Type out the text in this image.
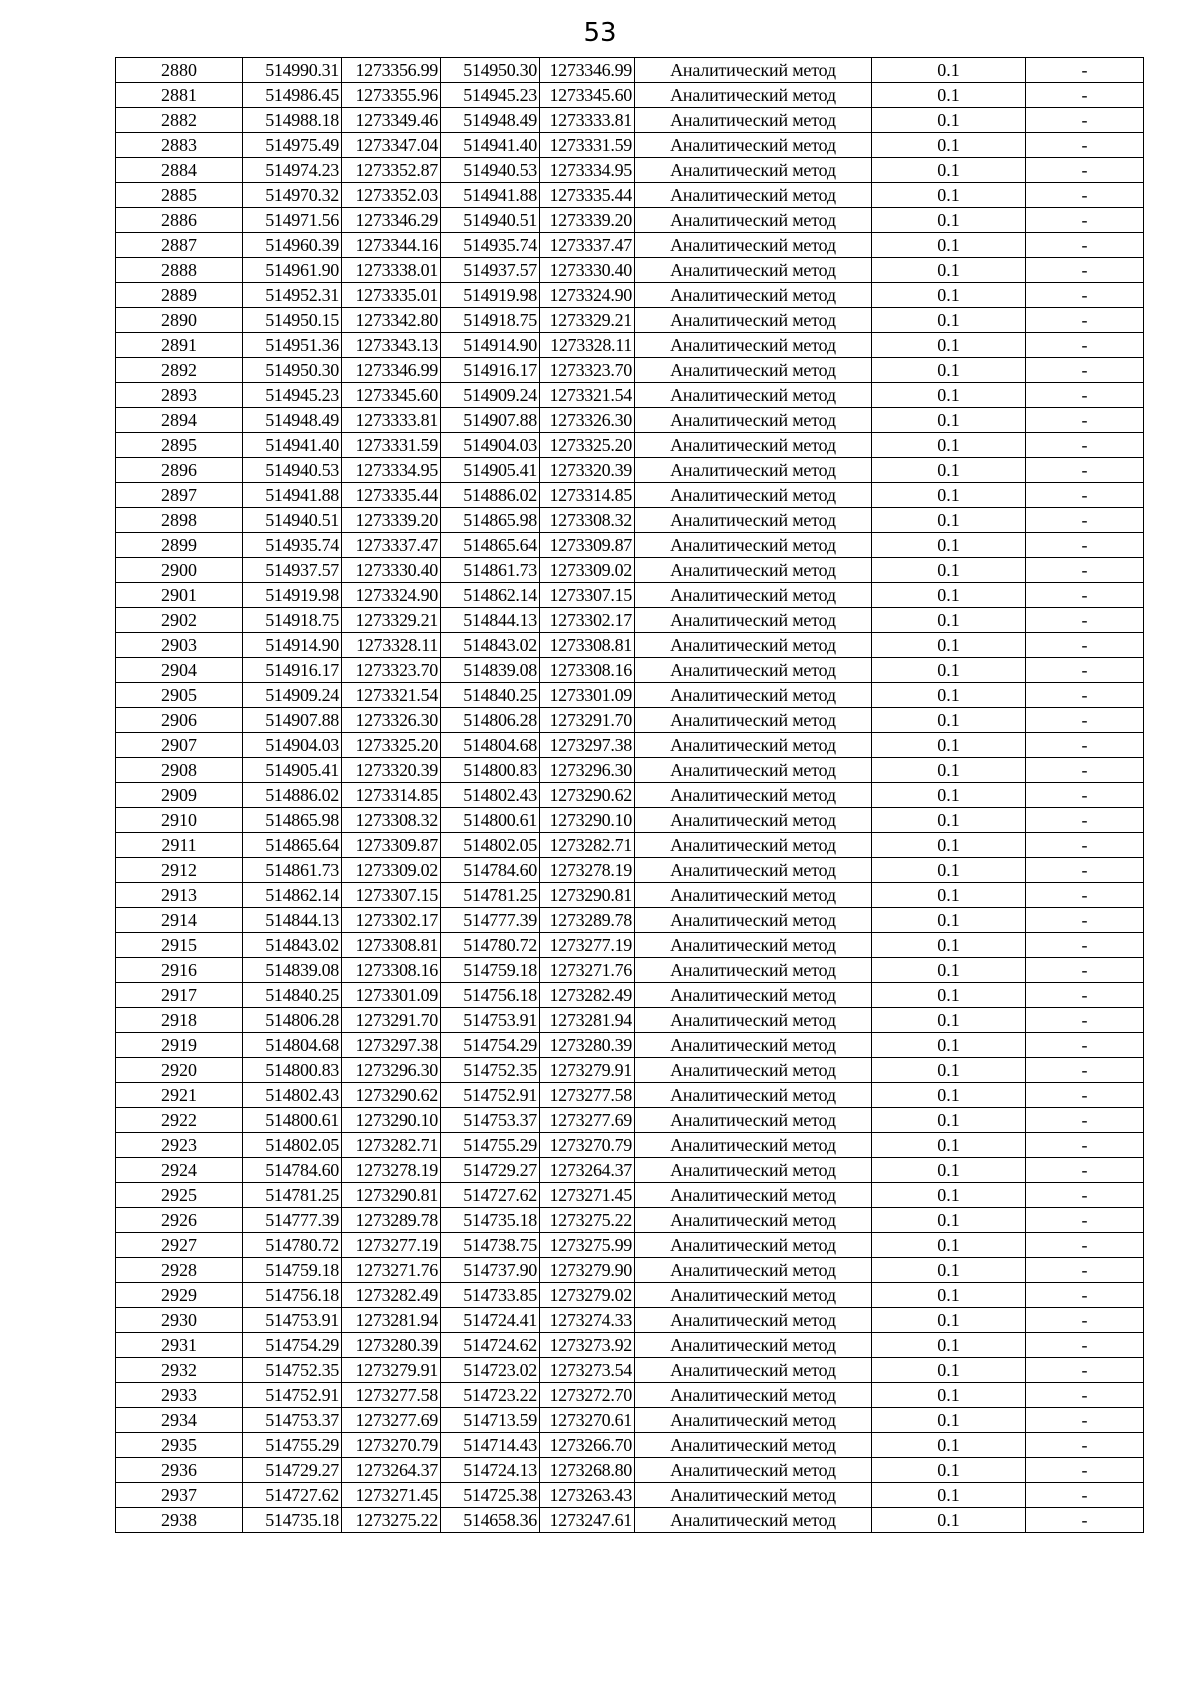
53
2880	514990.31	1273356.99	514950.30	1273346.99	Аналитический метод	0.1	-
2881	514986.45	1273355.96	514945.23	1273345.60	Аналитический метод	0.1	-
2882	514988.18	1273349.46	514948.49	1273333.81	Аналитический метод	0.1	-
2883	514975.49	1273347.04	514941.40	1273331.59	Аналитический метод	0.1	-
2884	514974.23	1273352.87	514940.53	1273334.95	Аналитический метод	0.1	-
2885	514970.32	1273352.03	514941.88	1273335.44	Аналитический метод	0.1	-
2886	514971.56	1273346.29	514940.51	1273339.20	Аналитический метод	0.1	-
2887	514960.39	1273344.16	514935.74	1273337.47	Аналитический метод	0.1	-
2888	514961.90	1273338.01	514937.57	1273330.40	Аналитический метод	0.1	-
2889	514952.31	1273335.01	514919.98	1273324.90	Аналитический метод	0.1	-
2890	514950.15	1273342.80	514918.75	1273329.21	Аналитический метод	0.1	-
2891	514951.36	1273343.13	514914.90	1273328.11	Аналитический метод	0.1	-
2892	514950.30	1273346.99	514916.17	1273323.70	Аналитический метод	0.1	-
2893	514945.23	1273345.60	514909.24	1273321.54	Аналитический метод	0.1	-
2894	514948.49	1273333.81	514907.88	1273326.30	Аналитический метод	0.1	-
2895	514941.40	1273331.59	514904.03	1273325.20	Аналитический метод	0.1	-
2896	514940.53	1273334.95	514905.41	1273320.39	Аналитический метод	0.1	-
2897	514941.88	1273335.44	514886.02	1273314.85	Аналитический метод	0.1	-
2898	514940.51	1273339.20	514865.98	1273308.32	Аналитический метод	0.1	-
2899	514935.74	1273337.47	514865.64	1273309.87	Аналитический метод	0.1	-
2900	514937.57	1273330.40	514861.73	1273309.02	Аналитический метод	0.1	-
2901	514919.98	1273324.90	514862.14	1273307.15	Аналитический метод	0.1	-
2902	514918.75	1273329.21	514844.13	1273302.17	Аналитический метод	0.1	-
2903	514914.90	1273328.11	514843.02	1273308.81	Аналитический метод	0.1	-
2904	514916.17	1273323.70	514839.08	1273308.16	Аналитический метод	0.1	-
2905	514909.24	1273321.54	514840.25	1273301.09	Аналитический метод	0.1	-
2906	514907.88	1273326.30	514806.28	1273291.70	Аналитический метод	0.1	-
2907	514904.03	1273325.20	514804.68	1273297.38	Аналитический метод	0.1	-
2908	514905.41	1273320.39	514800.83	1273296.30	Аналитический метод	0.1	-
2909	514886.02	1273314.85	514802.43	1273290.62	Аналитический метод	0.1	-
2910	514865.98	1273308.32	514800.61	1273290.10	Аналитический метод	0.1	-
2911	514865.64	1273309.87	514802.05	1273282.71	Аналитический метод	0.1	-
2912	514861.73	1273309.02	514784.60	1273278.19	Аналитический метод	0.1	-
2913	514862.14	1273307.15	514781.25	1273290.81	Аналитический метод	0.1	-
2914	514844.13	1273302.17	514777.39	1273289.78	Аналитический метод	0.1	-
2915	514843.02	1273308.81	514780.72	1273277.19	Аналитический метод	0.1	-
2916	514839.08	1273308.16	514759.18	1273271.76	Аналитический метод	0.1	-
2917	514840.25	1273301.09	514756.18	1273282.49	Аналитический метод	0.1	-
2918	514806.28	1273291.70	514753.91	1273281.94	Аналитический метод	0.1	-
2919	514804.68	1273297.38	514754.29	1273280.39	Аналитический метод	0.1	-
2920	514800.83	1273296.30	514752.35	1273279.91	Аналитический метод	0.1	-
2921	514802.43	1273290.62	514752.91	1273277.58	Аналитический метод	0.1	-
2922	514800.61	1273290.10	514753.37	1273277.69	Аналитический метод	0.1	-
2923	514802.05	1273282.71	514755.29	1273270.79	Аналитический метод	0.1	-
2924	514784.60	1273278.19	514729.27	1273264.37	Аналитический метод	0.1	-
2925	514781.25	1273290.81	514727.62	1273271.45	Аналитический метод	0.1	-
2926	514777.39	1273289.78	514735.18	1273275.22	Аналитический метод	0.1	-
2927	514780.72	1273277.19	514738.75	1273275.99	Аналитический метод	0.1	-
2928	514759.18	1273271.76	514737.90	1273279.90	Аналитический метод	0.1	-
2929	514756.18	1273282.49	514733.85	1273279.02	Аналитический метод	0.1	-
2930	514753.91	1273281.94	514724.41	1273274.33	Аналитический метод	0.1	-
2931	514754.29	1273280.39	514724.62	1273273.92	Аналитический метод	0.1	-
2932	514752.35	1273279.91	514723.02	1273273.54	Аналитический метод	0.1	-
2933	514752.91	1273277.58	514723.22	1273272.70	Аналитический метод	0.1	-
2934	514753.37	1273277.69	514713.59	1273270.61	Аналитический метод	0.1	-
2935	514755.29	1273270.79	514714.43	1273266.70	Аналитический метод	0.1	-
2936	514729.27	1273264.37	514724.13	1273268.80	Аналитический метод	0.1	-
2937	514727.62	1273271.45	514725.38	1273263.43	Аналитический метод	0.1	-
2938	514735.18	1273275.22	514658.36	1273247.61	Аналитический метод	0.1	-
